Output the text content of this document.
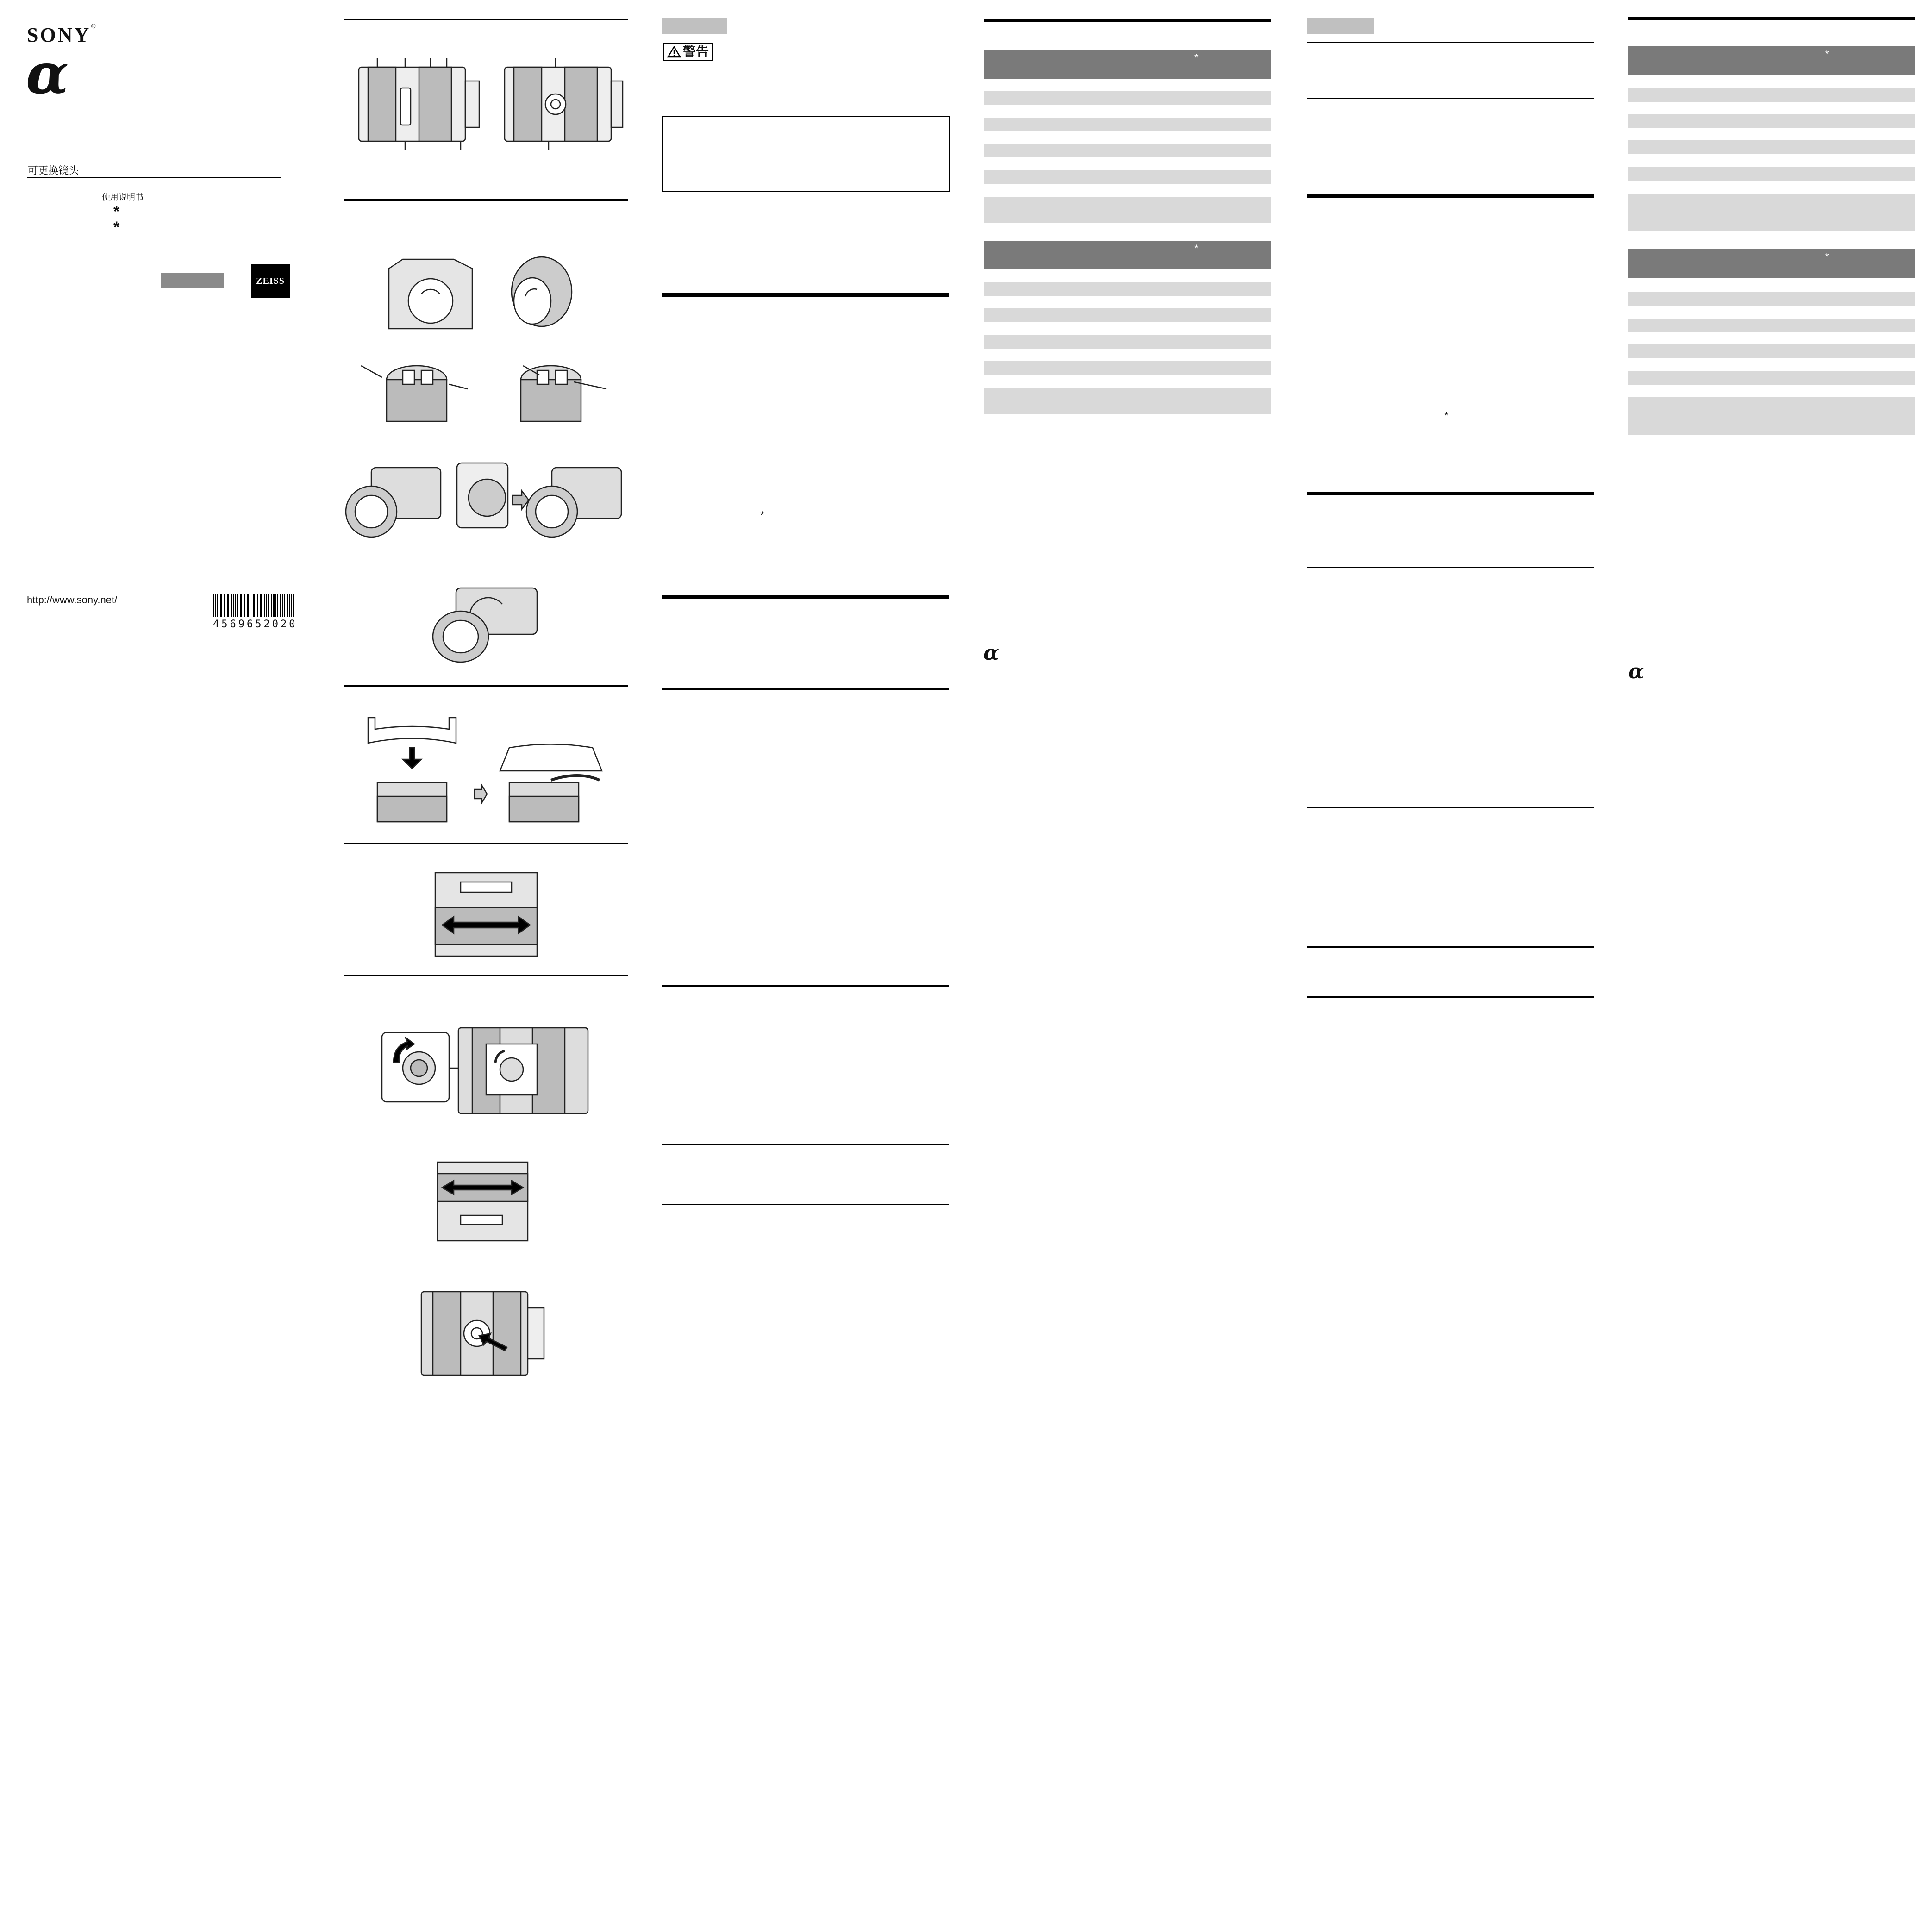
SONY®
α
可更换镜头
使用说明书
*
*
ZEISS
http://www.sony.net/
4569652020
警告
*
*
*
α
*
*
*
α
